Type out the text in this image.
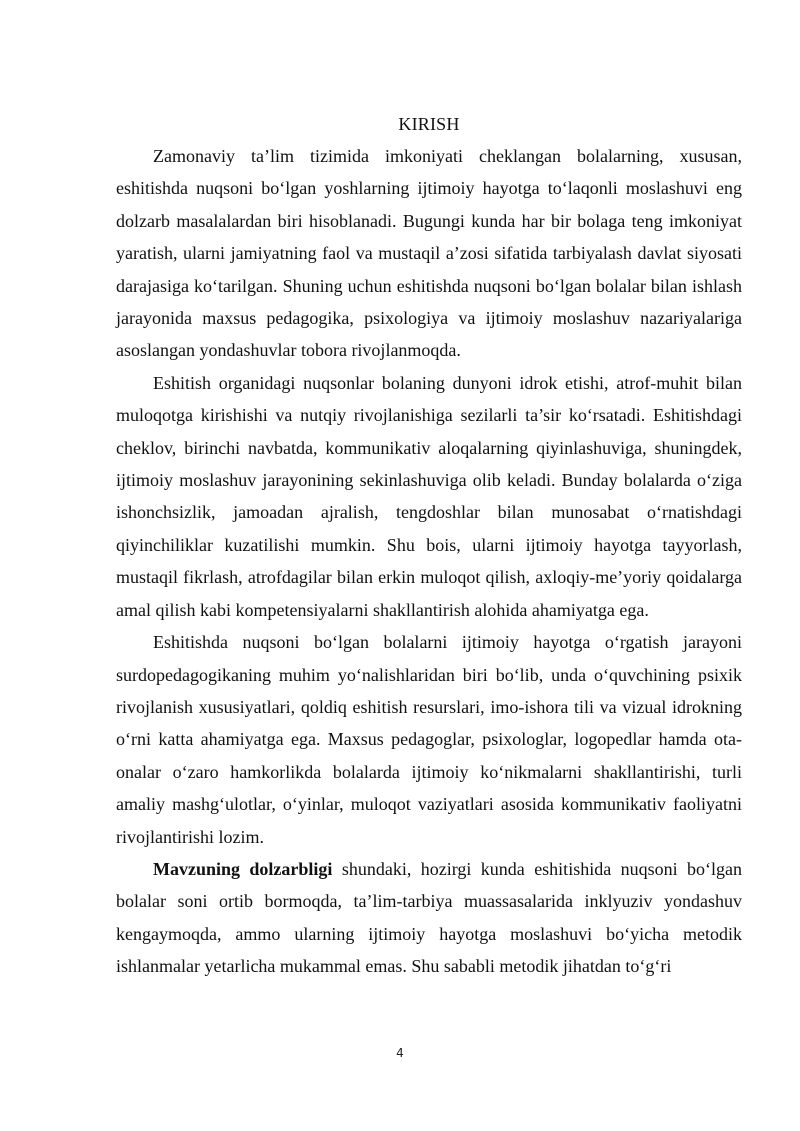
KIRISH

Zamonaviy ta’lim tizimida imkoniyati cheklangan bolalarning, xususan, eshitishda nuqsoni bo‘lgan yoshlarning ijtimoiy hayotga to‘laqonli moslashuvi eng dolzarb masalalardan biri hisoblanadi. Bugungi kunda har bir bolaga teng imkoniyat yaratish, ularni jamiyatning faol va mustaqil a’zosi sifatida tarbiyalash davlat siyosati darajasiga ko‘tarilgan. Shuning uchun eshitishda nuqsoni bo‘lgan bolalar bilan ishlash jarayonida maxsus pedagogika, psixologiya va ijtimoiy moslashuv nazariyalariga asoslangan yondashuvlar tobora rivojlanmoqda.

Eshitish organidagi nuqsonlar bolaning dunyoni idrok etishi, atrof-muhit bilan muloqotga kirishishi va nutqiy rivojlanishiga sezilarli ta’sir ko‘rsatadi. Eshitishdagi cheklov, birinchi navbatda, kommunikativ aloqalarning qiyinlashuviga, shuningdek, ijtimoiy moslashuv jarayonining sekinlashuviga olib keladi. Bunday bolalarda o‘ziga ishonchsizlik, jamoadan ajralish, tengdoshlar bilan munosabat o‘rnatishdagi qiyinchiliklar kuzatilishi mumkin. Shu bois, ularni ijtimoiy hayotga tayyorlash, mustaqil fikrlash, atrofdagilar bilan erkin muloqot qilish, axloqiy-me’yoriy qoidalarga amal qilish kabi kompetensiyalarni shakllantirish alohida ahamiyatga ega.

Eshitishda nuqsoni bo‘lgan bolalarni ijtimoiy hayotga o‘rgatish jarayoni surdopedagogikaning muhim yo‘nalishlaridan biri bo‘lib, unda o‘quvchining psixik rivojlanish xususiyatlari, qoldiq eshitish resurslari, imo-ishora tili va vizual idrokning o‘rni katta ahamiyatga ega. Maxsus pedagoglar, psixologlar, logopedlar hamda ota-onalar o‘zaro hamkorlikda bolalarda ijtimoiy ko‘nikmalarni shakllantirishi, turli amaliy mashg‘ulotlar, o‘yinlar, muloqot vaziyatlari asosida kommunikativ faoliyatni rivojlantirishi lozim.

Mavzuning dolzarbligi shundaki, hozirgi kunda eshitishida nuqsoni bo‘lgan bolalar soni ortib bormoqda, ta’lim-tarbiya muassasalarida inklyuziv yondashuv kengaymoqda, ammo ularning ijtimoiy hayotga moslashuvi bo‘yicha metodik ishlanmalar yetarlicha mukammal emas. Shu sababli metodik jihatdan to‘g‘ri

4
